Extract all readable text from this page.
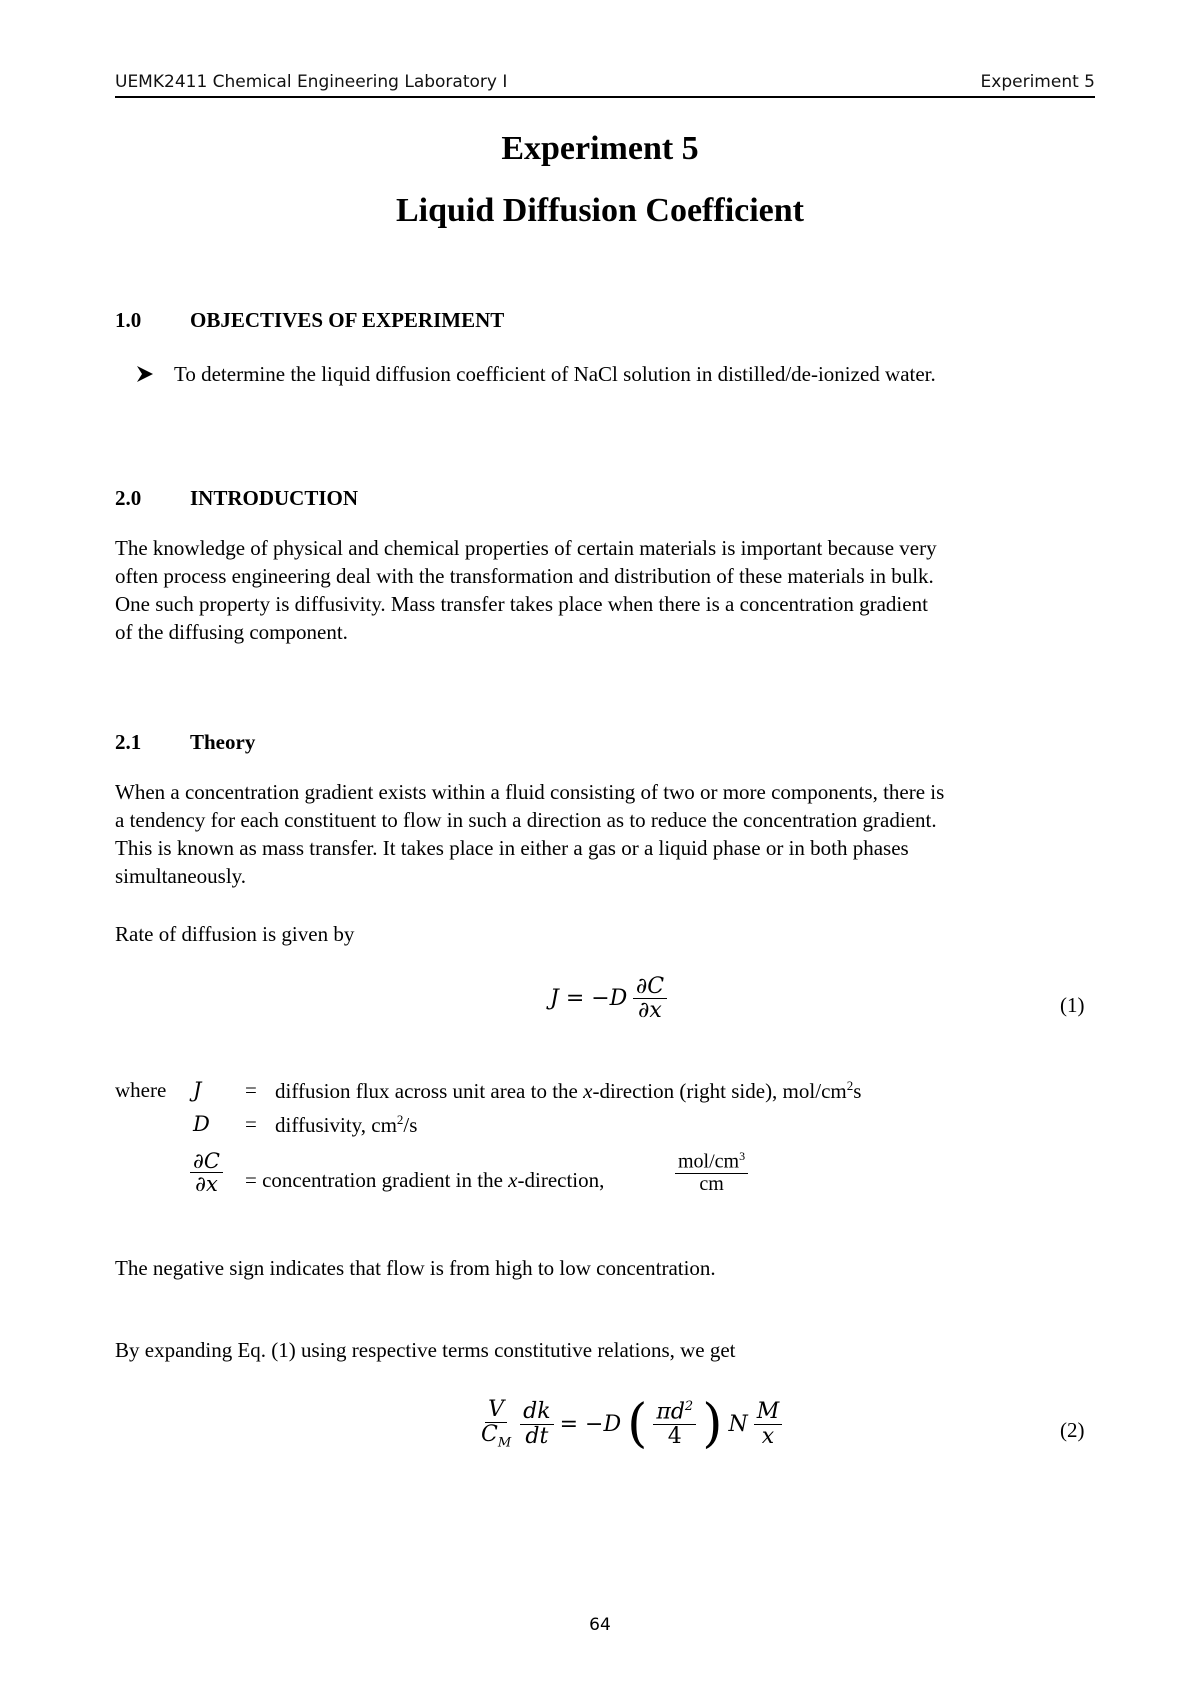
UEMK2411 Chemical Engineering Laboratory I	Experiment 5
Experiment 5
Liquid Diffusion Coefficient
1.0 OBJECTIVES OF EXPERIMENT
To determine the liquid diffusion coefficient of NaCl solution in distilled/de-ionized water.
2.0 INTRODUCTION
The knowledge of physical and chemical properties of certain materials is important because very
often process engineering deal with the transformation and distribution of these materials in bulk.
One such property is diffusivity. Mass transfer takes place when there is a concentration gradient
of the diffusing component.
2.1 Theory
When a concentration gradient exists within a fluid consisting of two or more components, there is
a tendency for each constituent to flow in such a direction as to reduce the concentration gradient.
This is known as mass transfer. It takes place in either a gas or a liquid phase or in both phases
simultaneously.
Rate of diffusion is given by
$J = -D \frac{\partial C}{\partial x}$	(1)
where J = diffusion flux across unit area to the x-direction (right side), mol/$cm^2s$
D = diffusivity, $cm^2/s$
$\frac{\partial C}{\partial x}$ = concentration gradient in the x-direction,
mol/$cm^3$
cm
The negative sign indicates that flow is from high to low concentration.
By expanding Eq. (1) using respective terms constitutive relations, we get
$\frac{V}{C_M} \frac{dk}{dt} = -D$ ( $\frac{\pi d^2}{4}$ ) N $\frac{M}{x}$	(2)
64
